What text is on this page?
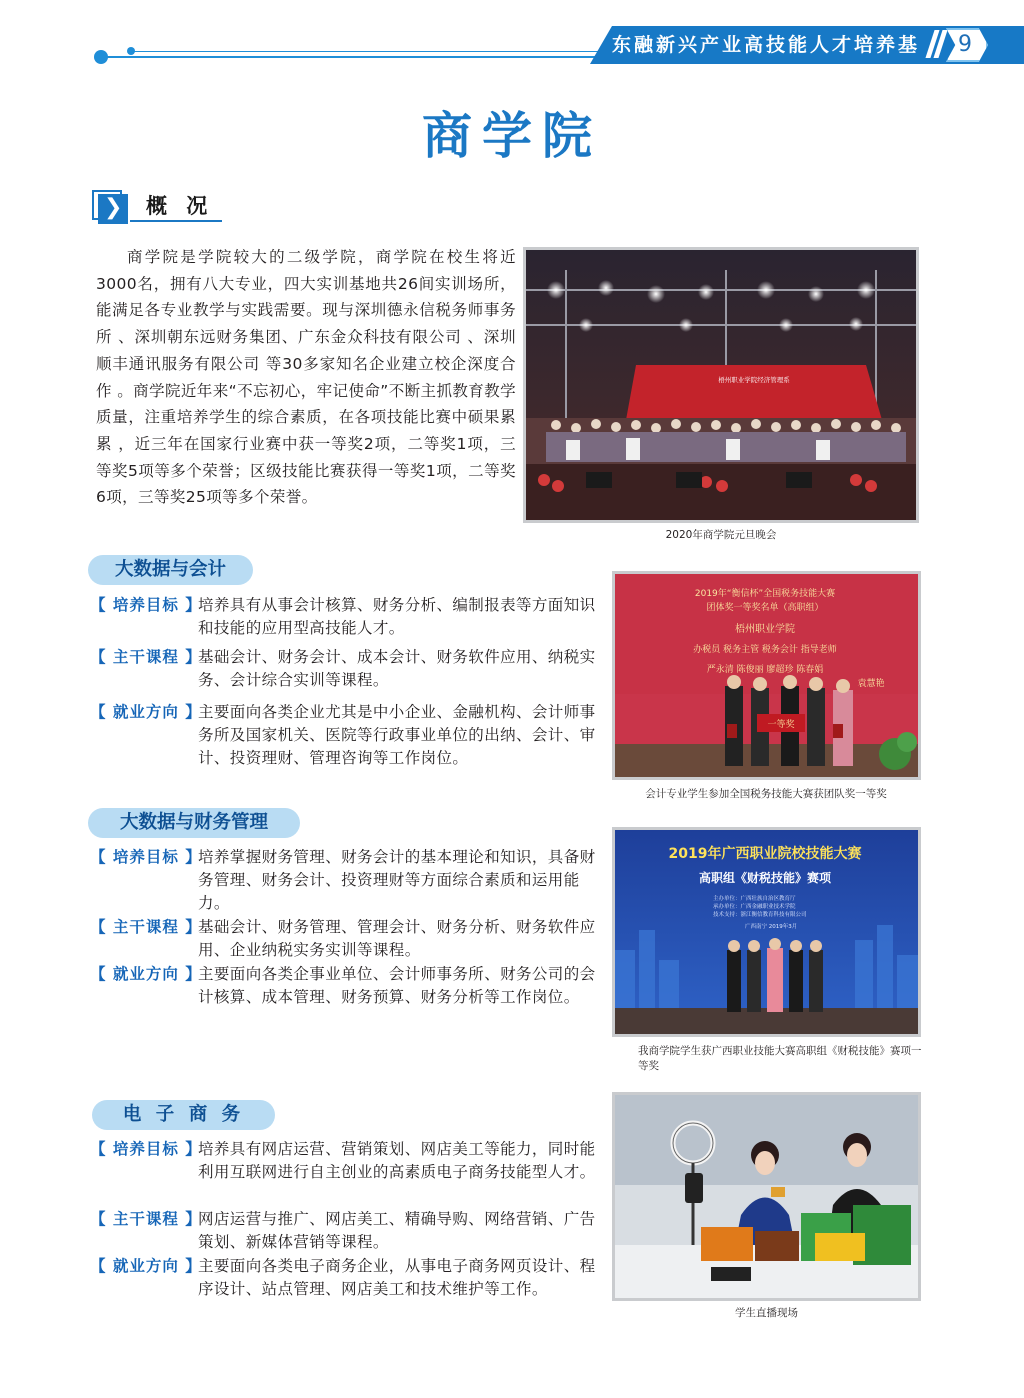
东融新兴产业高技能人才培养基地
9
商学院
❯ 概 况
商学院是学院较大的二级学院，商学院在校生将近3000名，拥有八大专业，四大实训基地共26间实训场所，能满足各专业教学与实践需要。现与深圳德永信税务师事务所 、深圳朝东远财务集团、广东金众科技有限公司 、深圳顺丰通讯服务有限公司 等30多家知名企业建立校企深度合作 。商学院近年来“不忘初心，牢记使命”不断主抓教育教学质量，注重培养学生的综合素质，在各项技能比赛中硕果累累 ，近三年在国家行业赛中获一等奖2项，二等奖1项，三等奖5项等多个荣誉；区级技能比赛获得一等奖1项，二等奖6项，三等奖25项等多个荣誉。
梧州职业学院经济管理系
2020年商学院元旦晚会
大数据与会计
【 培养目标 】
培养具有从事会计核算、财务分析、编制报表等方面知识和技能的应用型高技能人才。
【 主干课程 】
基础会计、财务会计、成本会计、财务软件应用、纳税实务、会计综合实训等课程。
【 就业方向 】
主要面向各类企业尤其是中小企业、金融机构、会计师事务所及国家机关、医院等行政事业单位的出纳、会计、审计、投资理财、管理咨询等工作岗位。
2019年“衡信杯”全国税务技能大赛
团体奖一等奖名单（高职组）
梧州职业学院
办税员 税务主管 税务会计 指导老师
严永清 陈俊丽 廖超珍 陈春娟
袁慧艳
一等奖
会计专业学生参加全国税务技能大赛获团队奖一等奖
大数据与财务管理
【 培养目标 】
培养掌握财务管理、财务会计的基本理论和知识，具备财务管理、财务会计、投资理财等方面综合素质和运用能力。
【 主干课程 】
基础会计、财务管理、管理会计、财务分析、财务软件应用、企业纳税实务实训等课程。
【 就业方向 】
主要面向各类企事业单位、会计师事务所、财务公司的会计核算、成本管理、财务预算、财务分析等工作岗位。
2019年广西职业院校技能大赛
高职组《财税技能》赛项
主办单位：广西壮族自治区教育厅
承办单位：广西金融职业技术学院
技术支持：浙江衡信教育科技有限公司
广西南宁 2019年3月
我商学院学生获广西职业技能大赛高职组《财税技能》赛项一等奖
电 子 商 务
【 培养目标 】
培养具有网店运营、营销策划、网店美工等能力，同时能利用互联网进行自主创业的高素质电子商务技能型人才。
【 主干课程 】
网店运营与推广、网店美工、精确导购、网络营销、广告策划、新媒体营销等课程。
【 就业方向 】
主要面向各类电子商务企业，从事电子商务网页设计、程序设计、站点管理、网店美工和技术维护等工作。
学生直播现场
